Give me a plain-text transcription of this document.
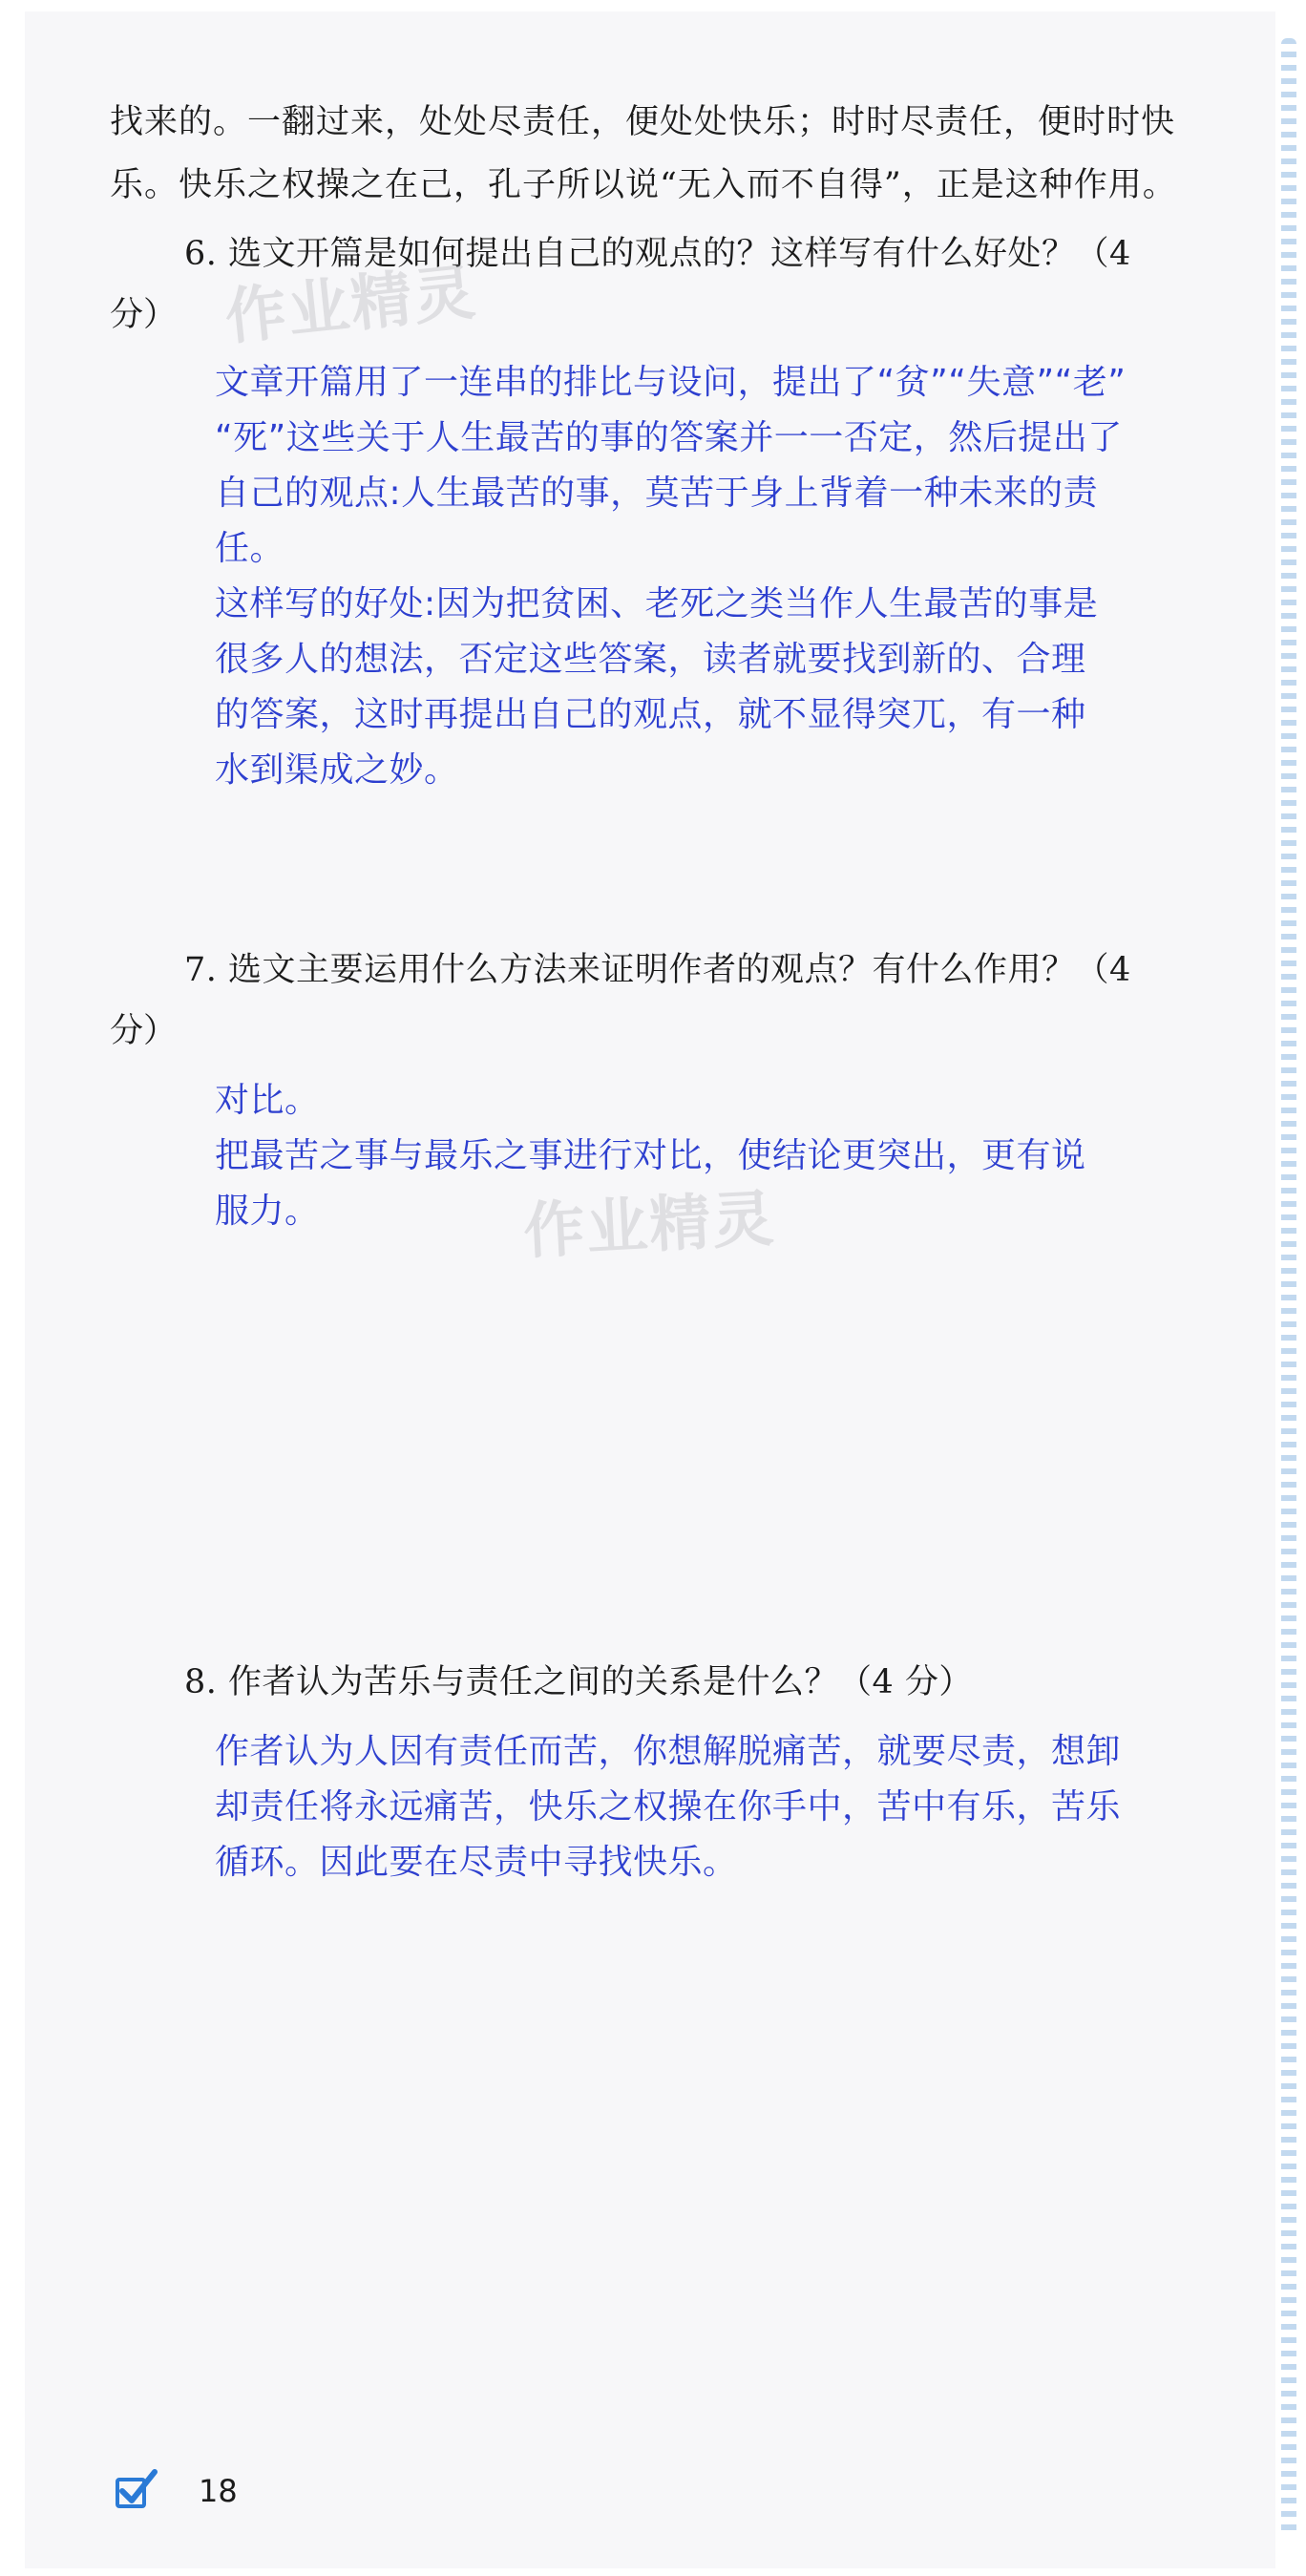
找来的。一翻过来，处处尽责任，便处处快乐；时时尽责任，便时时快
乐。快乐之权操之在己，孔子所以说“无入而不自得”，正是这种作用。
6. 选文开篇是如何提出自己的观点的？这样写有什么好处？（4
分）
文章开篇用了一连串的排比与设问，提出了“贫”“失意”“老”
“死”这些关于人生最苦的事的答案并一一否定，然后提出了
自己的观点:人生最苦的事，莫苦于身上背着一种未来的责
任。
这样写的好处:因为把贫困、老死之类当作人生最苦的事是
很多人的想法，否定这些答案，读者就要找到新的、合理
的答案，这时再提出自己的观点，就不显得突兀，有一种
水到渠成之妙。
7. 选文主要运用什么方法来证明作者的观点？有什么作用？（4
分）
对比。
把最苦之事与最乐之事进行对比，使结论更突出，更有说
服力。
8. 作者认为苦乐与责任之间的关系是什么？（4 分）
作者认为人因有责任而苦，你想解脱痛苦，就要尽责，想卸
却责任将永远痛苦，快乐之权操在你手中，苦中有乐，苦乐
循环。因此要在尽责中寻找快乐。
作业精灵
作业精灵
18
